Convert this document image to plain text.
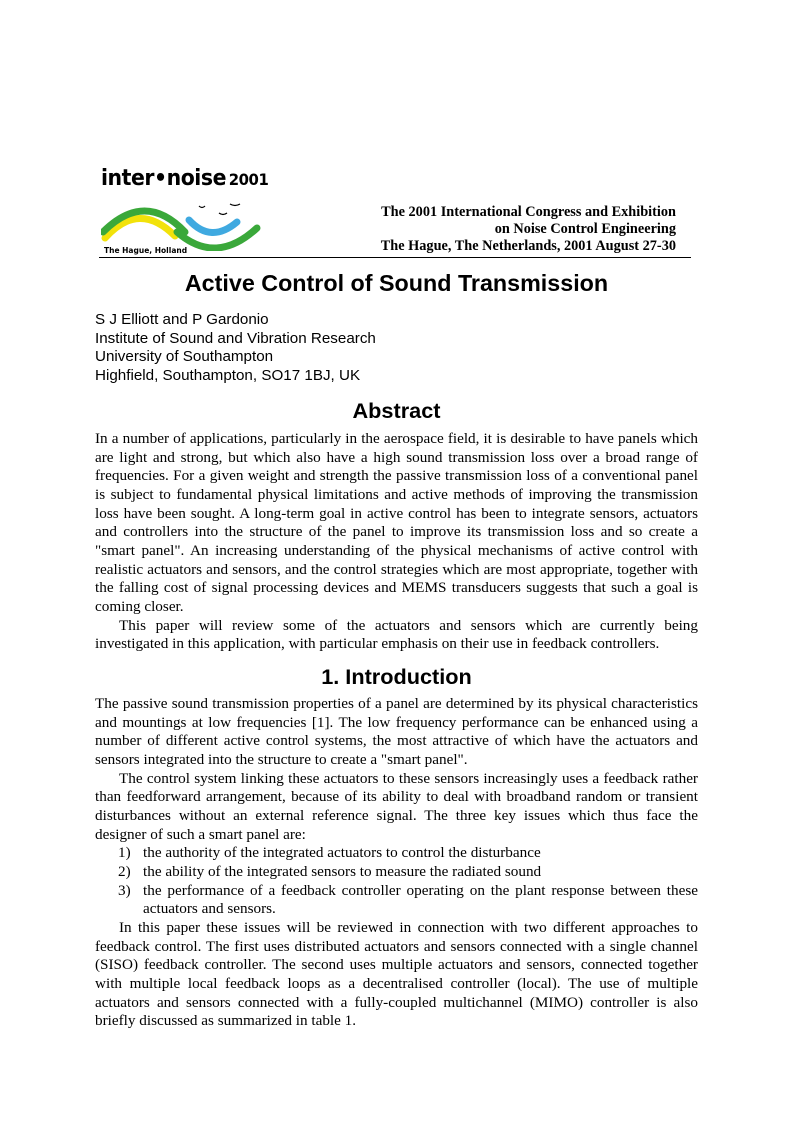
inter•noise 2001
The Hague, Holland
The 2001 International Congress and Exhibition
on Noise Control Engineering
The Hague, The Netherlands, 2001 August 27-30
Active Control of Sound Transmission
S J Elliott and P Gardonio
Institute of Sound and Vibration Research
University of Southampton
Highfield, Southampton, SO17 1BJ, UK
Abstract

In a number of applications, particularly in the aerospace field, it is desirable to have panels which are light and strong, but which also have a high sound transmission loss over a broad range of frequencies. For a given weight and strength the passive transmission loss of a conventional panel is subject to fundamental physical limitations and active methods of improving the transmission loss have been sought. A long-term goal in active control has been to integrate sensors, actuators and controllers into the structure of the panel to improve its transmission loss and so create a "smart panel". An increasing understanding of the physical mechanisms of active control with realistic actuators and sensors, and the control strategies which are most appropriate, together with the falling cost of signal processing devices and MEMS transducers suggests that such a goal is coming closer.

This paper will review some of the actuators and sensors which are currently being investigated in this application, with particular emphasis on their use in feedback controllers.

1. Introduction

The passive sound transmission properties of a panel are determined by its physical characteristics and mountings at low frequencies [1]. The low frequency performance can be enhanced using a number of different active control systems, the most attractive of which have the actuators and sensors integrated into the structure to create a "smart panel".

The control system linking these actuators to these sensors increasingly uses a feedback rather than feedforward arrangement, because of its ability to deal with broadband random or transient disturbances without an external reference signal. The three key issues which thus face the designer of such a smart panel are:

1) the authority of the integrated actuators to control the disturbance
2) the ability of the integrated sensors to measure the radiated sound
3) the performance of a feedback controller operating on the plant response between these actuators and sensors.

In this paper these issues will be reviewed in connection with two different approaches to feedback control. The first uses distributed actuators and sensors connected with a single channel (SISO) feedback controller. The second uses multiple actuators and sensors, connected together with multiple local feedback loops as a decentralised controller (local). The use of multiple actuators and sensors connected with a fully-coupled multichannel (MIMO) controller is also briefly discussed as summarized in table 1.
